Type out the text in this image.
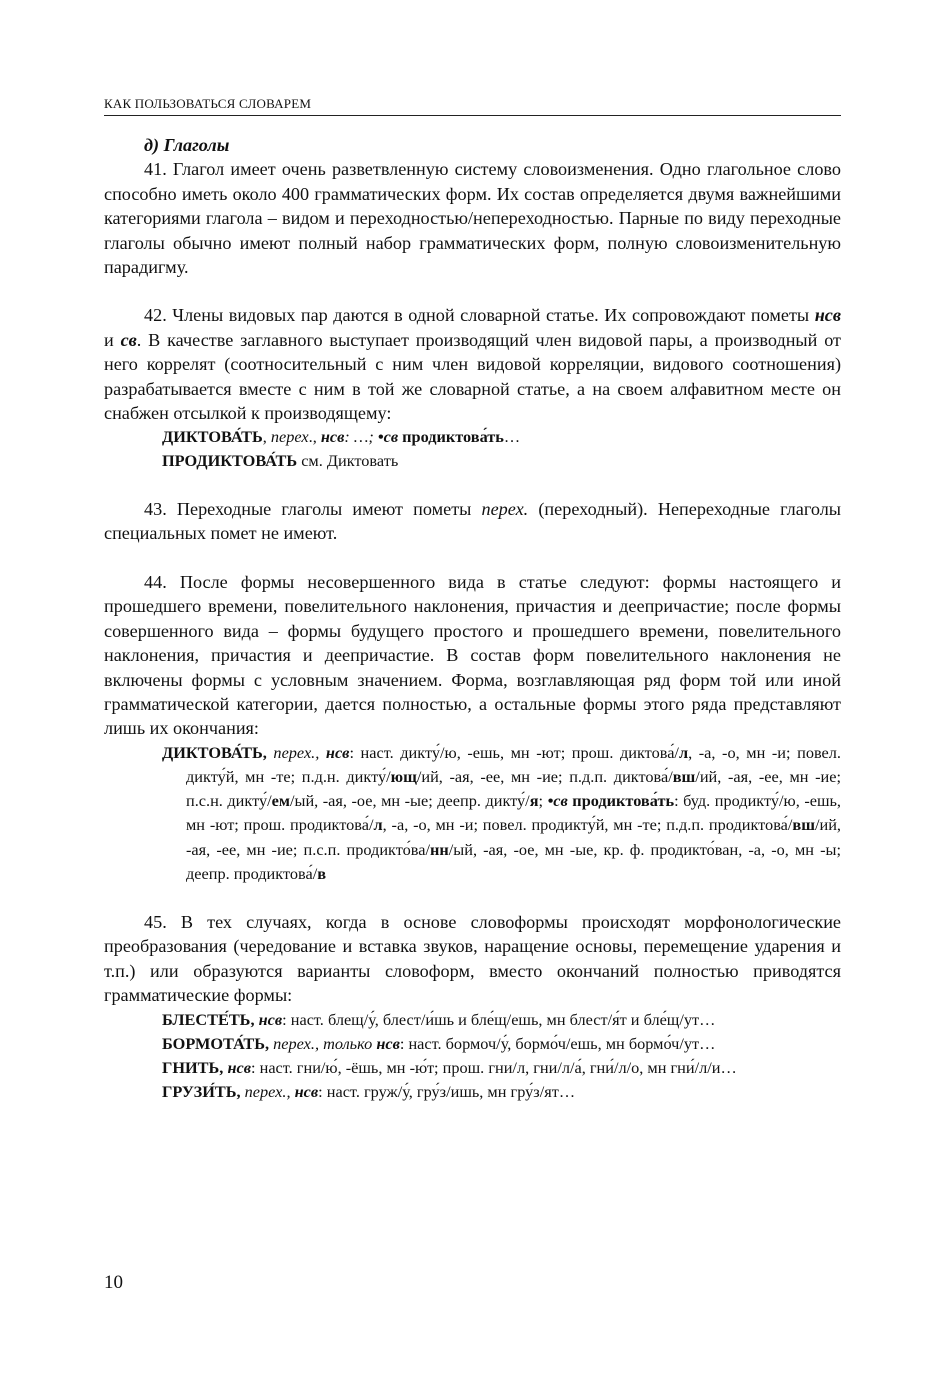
КАК ПОЛЬЗОВАТЬСЯ СЛОВАРЕМ

д) Глаголы

41. Глагол имеет очень разветвленную систему словоизменения. Одно глагольное слово способно иметь около 400 грамматических форм. Их состав определяется двумя важнейшими категориями глагола – видом и переходностью/непереходностью. Парные по виду переходные глаголы обычно имеют полный набор грамматических форм, полную словоизменительную парадигму.

42. Члены видовых пар даются в одной словарной статье. Их сопровождают пометы нсв и св. В качестве заглавного выступает производящий член видовой пары, а производный от него коррелят (соотносительный с ним член видовой корреляции, видового соотношения) разрабатывается вместе с ним в той же словарной статье, а на своем алфавитном месте он снабжен отсылкой к производящему:

ДИКТОВА́ТЬ, перех., нсв: …; •св продиктова́ть…

ПРОДИКТОВА́ТЬ см. Диктовать

43. Переходные глаголы имеют пометы перех. (переходный). Непереходные глаголы специальных помет не имеют.

44. После формы несовершенного вида в статье следуют: формы настоящего и прошедшего времени, повелительного наклонения, причастия и деепричастие; после формы совершенного вида – формы будущего простого и прошедшего времени, повелительного наклонения, причастия и деепричастие. В состав форм повелительного наклонения не включены формы с условным значением. Форма, возглавляющая ряд форм той или иной грамматической категории, дается полностью, а остальные формы этого ряда представляют лишь их окончания:

ДИКТОВА́ТЬ, перех., нсв: наст. дикту́/ю, -ешь, мн -ют; прош. диктова́/л, -а, -о, мн -и; повел. дикту́й, мн -те; п.д.н. дикту́/ющ/ий, -ая, -ее, мн -ие; п.д.п. диктова́/вш/ий, -ая, -ее, мн -ие; п.с.н. дикту́/ем/ый, -ая, -ое, мн -ые; деепр. дикту́/я; •св продиктова́ть: буд. продикту́/ю, -ешь, мн -ют; прош. продиктова́/л, -а, -о, мн -и; повел. продикту́й, мн -те; п.д.п. продиктова́/вш/ий, -ая, -ее, мн -ие; п.с.п. продикто́ва/нн/ый, -ая, -ое, мн -ые, кр. ф. продикто́ван, -а, -о, мн -ы; деепр. продиктова́/в

45. В тех случаях, когда в основе словоформы происходят морфонологические преобразования (чередование и вставка звуков, наращение основы, перемещение ударения и т.п.) или образуются варианты словоформ, вместо окончаний полностью приводятся грамматические формы:

БЛЕСТЕ́ТЬ, нсв: наст. блещ/у́, блест/и́шь и бле́щ/ешь, мн блест/я́т и бле́щ/ут…

БОРМОТА́ТЬ, перех., только нсв: наст. бормоч/у́, бормо́ч/ешь, мн бормо́ч/ут…

ГНИТЬ, нсв: наст. гни/ю́, -ёшь, мн -ю́т; прош. гни/л, гни/л/а́, гни́/л/о, мн гни́/л/и…

ГРУЗИ́ТЬ, перех., нсв: наст. груж/у́, гру́з/ишь, мн гру́з/ят…

10
